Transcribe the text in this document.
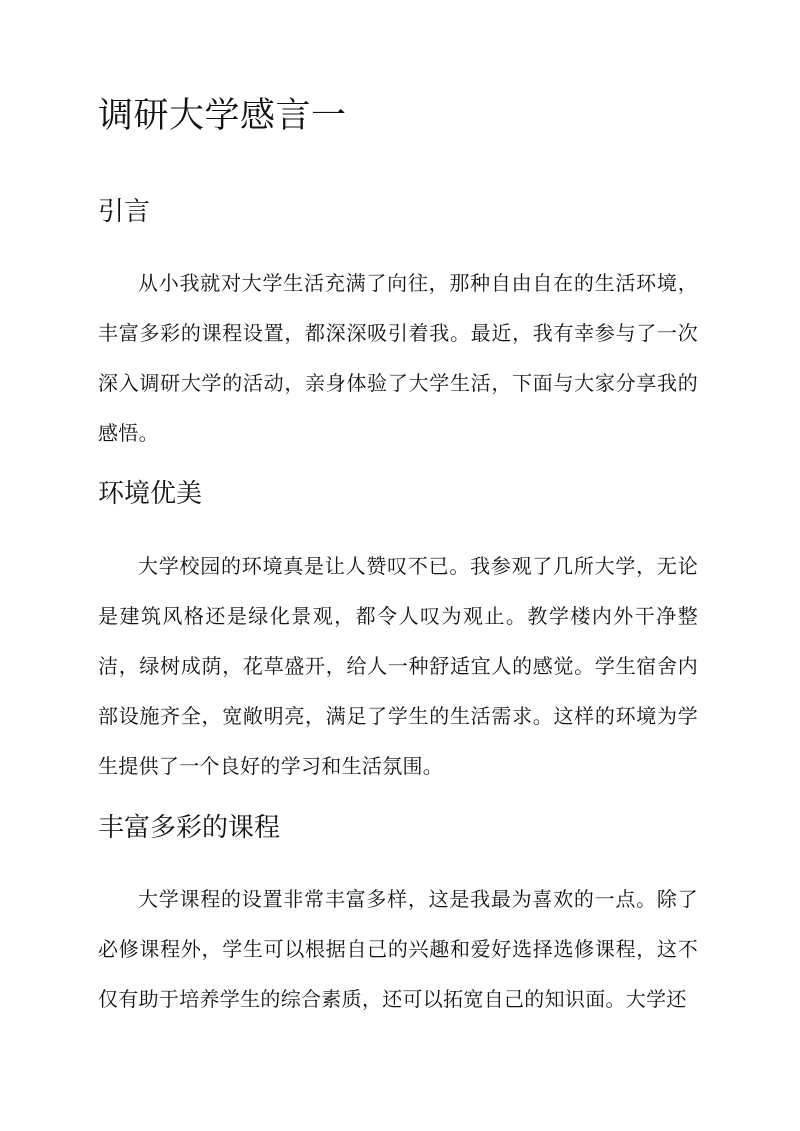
调研大学感言一
引言

从小我就对大学生活充满了向往，那种自由自在的生活环境，丰富多彩的课程设置，都深深吸引着我。最近，我有幸参与了一次深入调研大学的活动，亲身体验了大学生活，下面与大家分享我的感悟。

环境优美

大学校园的环境真是让人赞叹不已。我参观了几所大学，无论是建筑风格还是绿化景观，都令人叹为观止。教学楼内外干净整洁，绿树成荫，花草盛开，给人一种舒适宜人的感觉。学生宿舍内部设施齐全，宽敞明亮，满足了学生的生活需求。这样的环境为学生提供了一个良好的学习和生活氛围。

丰富多彩的课程

大学课程的设置非常丰富多样，这是我最为喜欢的一点。除了必修课程外，学生可以根据自己的兴趣和爱好选择选修课程，这不仅有助于培养学生的综合素质，还可以拓宽自己的知识面。大学还
